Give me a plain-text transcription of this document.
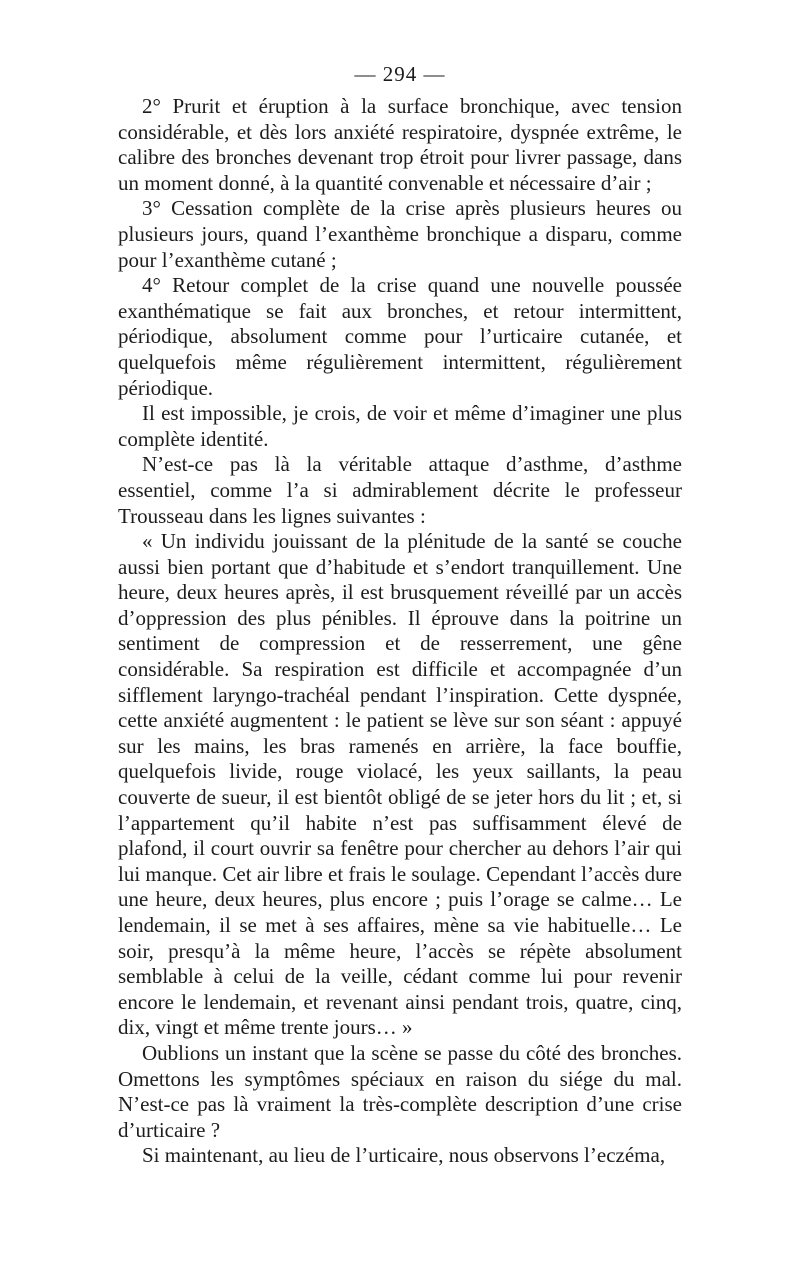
— 294 —

2° Prurit et éruption à la surface bronchique, avec tension considérable, et dès lors anxiété respiratoire, dyspnée extrême, le calibre des bronches devenant trop étroit pour livrer passage, dans un moment donné, à la quantité convenable et nécessaire d’air ;

3° Cessation complète de la crise après plusieurs heures ou plusieurs jours, quand l’exanthème bronchique a disparu, comme pour l’exanthème cutané ;

4° Retour complet de la crise quand une nouvelle poussée exanthématique se fait aux bronches, et retour intermittent, périodique, absolument comme pour l’urticaire cutanée, et quelquefois même régulièrement intermittent, régulièrement périodique.

Il est impossible, je crois, de voir et même d’imaginer une plus complète identité.

N’est-ce pas là la véritable attaque d’asthme, d’asthme essentiel, comme l’a si admirablement décrite le professeur Trousseau dans les lignes suivantes :

« Un individu jouissant de la plénitude de la santé se couche aussi bien portant que d’habitude et s’endort tranquillement. Une heure, deux heures après, il est brusquement réveillé par un accès d’oppression des plus pénibles. Il éprouve dans la poitrine un sentiment de compression et de resserrement, une gêne considérable. Sa respiration est difficile et accompagnée d’un sifflement laryngo-trachéal pendant l’inspiration. Cette dyspnée, cette anxiété augmentent : le patient se lève sur son séant : appuyé sur les mains, les bras ramenés en arrière, la face bouffie, quelquefois livide, rouge violacé, les yeux saillants, la peau couverte de sueur, il est bientôt obligé de se jeter hors du lit ; et, si l’appartement qu’il habite n’est pas suffisamment élevé de plafond, il court ouvrir sa fenêtre pour chercher au dehors l’air qui lui manque. Cet air libre et frais le soulage. Cependant l’accès dure une heure, deux heures, plus encore ; puis l’orage se calme… Le lendemain, il se met à ses affaires, mène sa vie habituelle… Le soir, presqu’à la même heure, l’accès se répète absolument semblable à celui de la veille, cédant comme lui pour revenir encore le lendemain, et revenant ainsi pendant trois, quatre, cinq, dix, vingt et même trente jours… »

Oublions un instant que la scène se passe du côté des bronches. Omettons les symptômes spéciaux en raison du siége du mal. N’est-ce pas là vraiment la très-complète description d’une crise d’urticaire ?

Si maintenant, au lieu de l’urticaire, nous observons l’eczéma,
